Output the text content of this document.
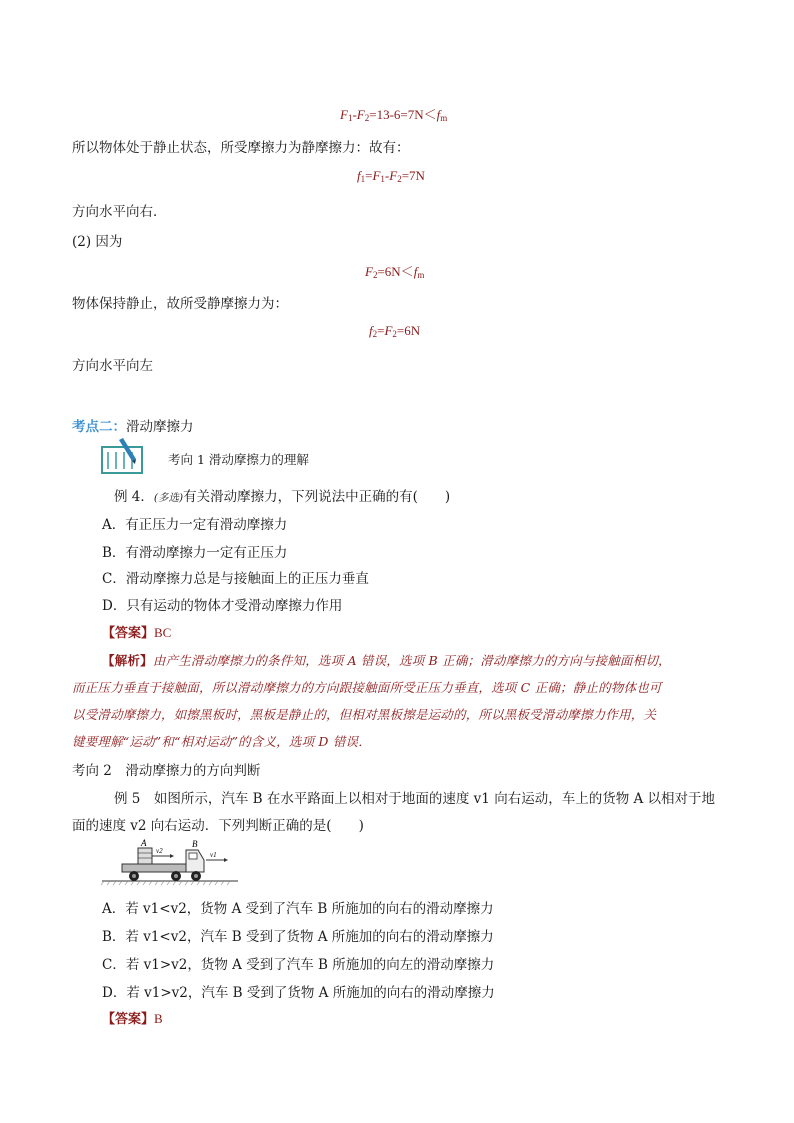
$F_1-F_2=13-6=7N<f_m$
所以物体处于静止状态，所受摩擦力为静摩擦力：故有：
$f_1=F_1-F_2=7N$
方向水平向右．
(2) 因为
$F_2=6N<f_m$
物体保持静止，故所受静摩擦力为：
$f_2=F_2=6N$
方向水平向左
考点二：滑动摩擦力
考向 1 滑动摩擦力的理解
例 4．(多选)有关滑动摩擦力，下列说法中正确的有(　　)
A．有正压力一定有滑动摩擦力
B．有滑动摩擦力一定有正压力
C．滑动摩擦力总是与接触面上的正压力垂直
D．只有运动的物体才受滑动摩擦力作用
【答案】BC
【解析】由产生滑动摩擦力的条件知，选项 A 错误，选项 B 正确；滑动摩擦力的方向与接触面相切，
而正压力垂直于接触面，所以滑动摩擦力的方向跟接触面所受正压力垂直，选项 C 正确；静止的物体也可
以受滑动摩擦力，如擦黑板时，黑板是静止的，但相对黑板擦是运动的，所以黑板受滑动摩擦力作用，关
键要理解“运动”和“相对运动”的含义，选项 D 错误．
考向 2　滑动摩擦力的方向判断
例 5　如图所示，汽车 B 在水平路面上以相对于地面的速度 v1 向右运动，车上的货物 A 以相对于地
面的速度 v2 向右运动．下列判断正确的是(　　)
A	B
v2	v1
A．若 v1<v2，货物 A 受到了汽车 B 所施加的向右的滑动摩擦力
B．若 v1<v2，汽车 B 受到了货物 A 所施加的向右的滑动摩擦力
C．若 v1>v2，货物 A 受到了汽车 B 所施加的向左的滑动摩擦力
D．若 v1>v2，汽车 B 受到了货物 A 所施加的向右的滑动摩擦力
【答案】B
